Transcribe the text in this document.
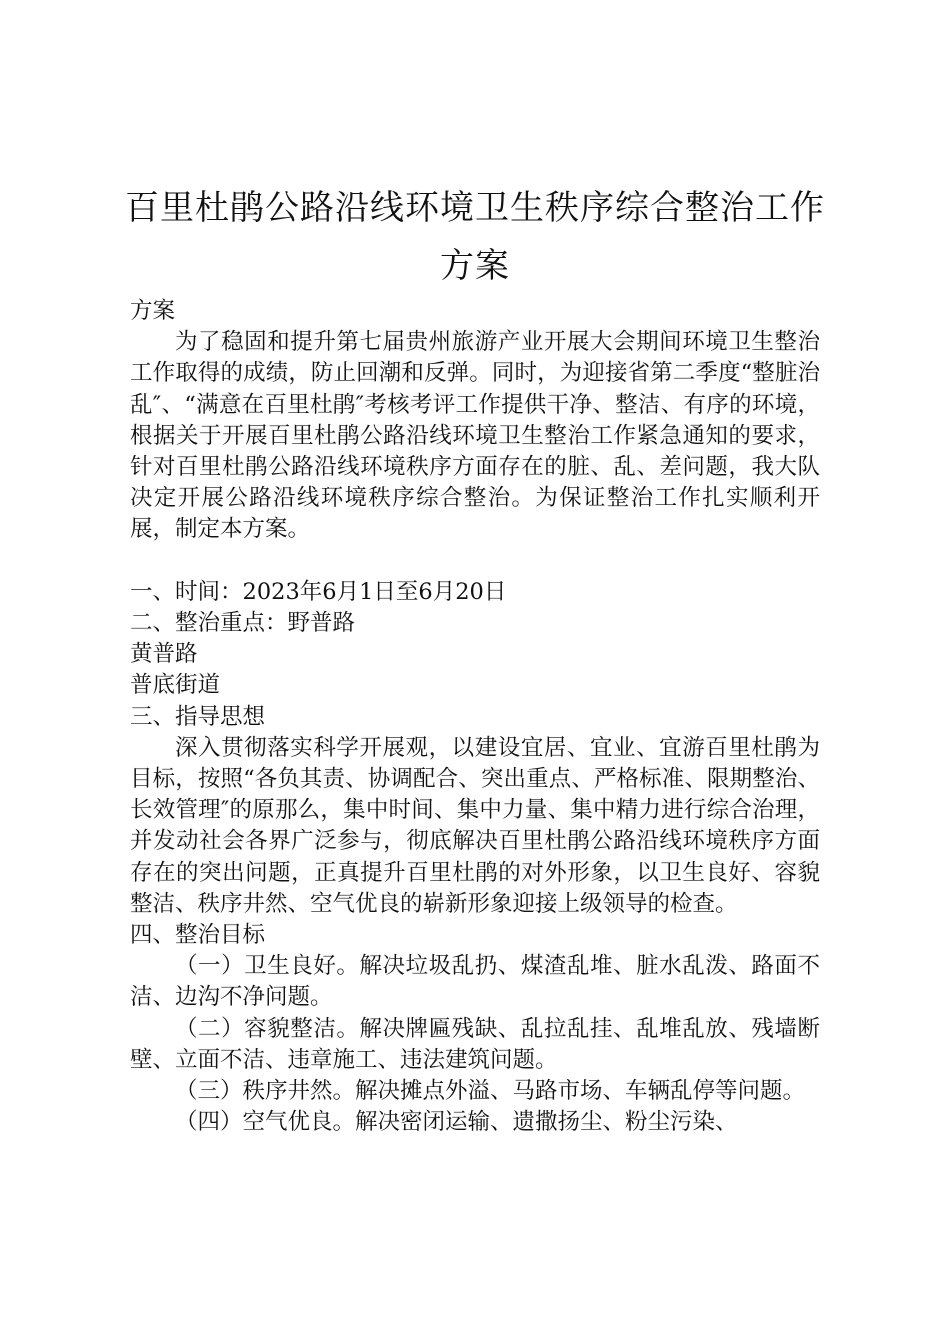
百里杜鹃公路沿线环境卫生秩序综合整治工作
方案

方案

为了稳固和提升第七届贵州旅游产业开展大会期间环境卫生整治工作取得的成绩，防止回潮和反弹。同时，为迎接省第二季度“整脏治乱″、“满意在百里杜鹃″考核考评工作提供干净、整洁、有序的环境，根据关于开展百里杜鹃公路沿线环境卫生整治工作紧急通知的要求，针对百里杜鹃公路沿线环境秩序方面存在的脏、乱、差问题，我大队决定开展公路沿线环境秩序综合整治。为保证整治工作扎实顺利开展，制定本方案。

一、时间：2023年6月1日至6月20日

二、整治重点：野普路

黄普路

普底街道

三、指导思想

深入贯彻落实科学开展观，以建设宜居、宜业、宜游百里杜鹃为目标，按照“各负其责、协调配合、突出重点、严格标准、限期整治、长效管理″的原那么，集中时间、集中力量、集中精力进行综合治理，并发动社会各界广泛参与，彻底解决百里杜鹃公路沿线环境秩序方面存在的突出问题，正真提升百里杜鹃的对外形象，以卫生良好、容貌整洁、秩序井然、空气优良的崭新形象迎接上级领导的检查。

四、整治目标

（一）卫生良好。解决垃圾乱扔、煤渣乱堆、脏水乱泼、路面不洁、边沟不净问题。

（二）容貌整洁。解决牌匾残缺、乱拉乱挂、乱堆乱放、残墙断壁、立面不洁、违章施工、违法建筑问题。

（三）秩序井然。解决摊点外溢、马路市场、车辆乱停等问题。

（四）空气优良。解决密闭运输、遗撒扬尘、粉尘污染、
